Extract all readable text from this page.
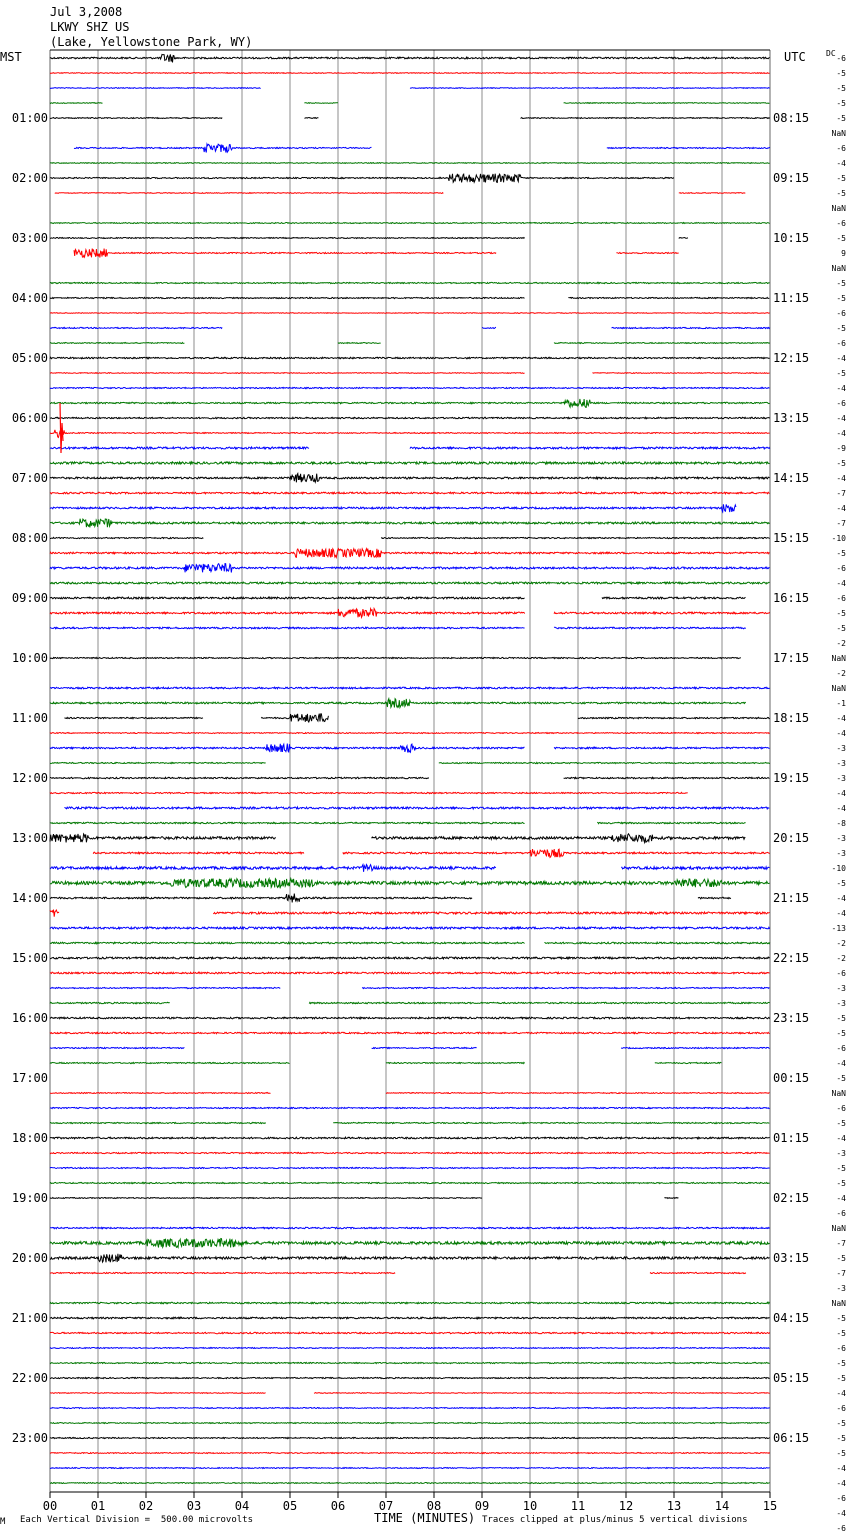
Jul 3,2008
LKWY SHZ US
(Lake, Yellowstone Park, WY)
MST	UTC
01:00
02:00
03:00
04:00
05:00
06:00
07:00
08:00
09:00
10:00
11:00
12:00
13:00
14:00
15:00
16:00
17:00
18:00
19:00
20:00
21:00
22:00
23:00
08:15
09:15
10:15
11:15
12:15
13:15
14:15
15:15
16:15
17:15
18:15
19:15
20:15
21:15
22:15
23:15
00:15
01:15
02:15
03:15
04:15
05:15
06:15
DC
-6
-5
-5
-5
-5
NaN
-6
-4
-5
-5
NaN
-6
-5
9
NaN
-5
-5
-6
-5
-6
-4
-5
-4
-6
-4
-4
-9
-5
-4
-7
-4
-7
-10
-5
-6
-4
-6
-5
-5
-2
NaN
-2
NaN
-1
-4
-4
-3
-3
-3
-4
-4
-8
-3
-3
-10
-5
-4
-4
-13
-2
-2
-6
-3
-3
-5
-5
-6
-4
-5
NaN
-6
-5
-4
-3
-5
-5
-4
-6
NaN
-7
-5
-7
-3
NaN
-5
-5
-6
-5
-5
-4
-6
-5
-5
-5
-4
-4
-6
-4
-6
00	01	02	03	04	05	06	07	08	09	10	11	12	13	14	15
M Each Vertical Division =  500.00 microvolts	TIME (MINUTES) Traces clipped at plus/minus 5 vertical divisions
